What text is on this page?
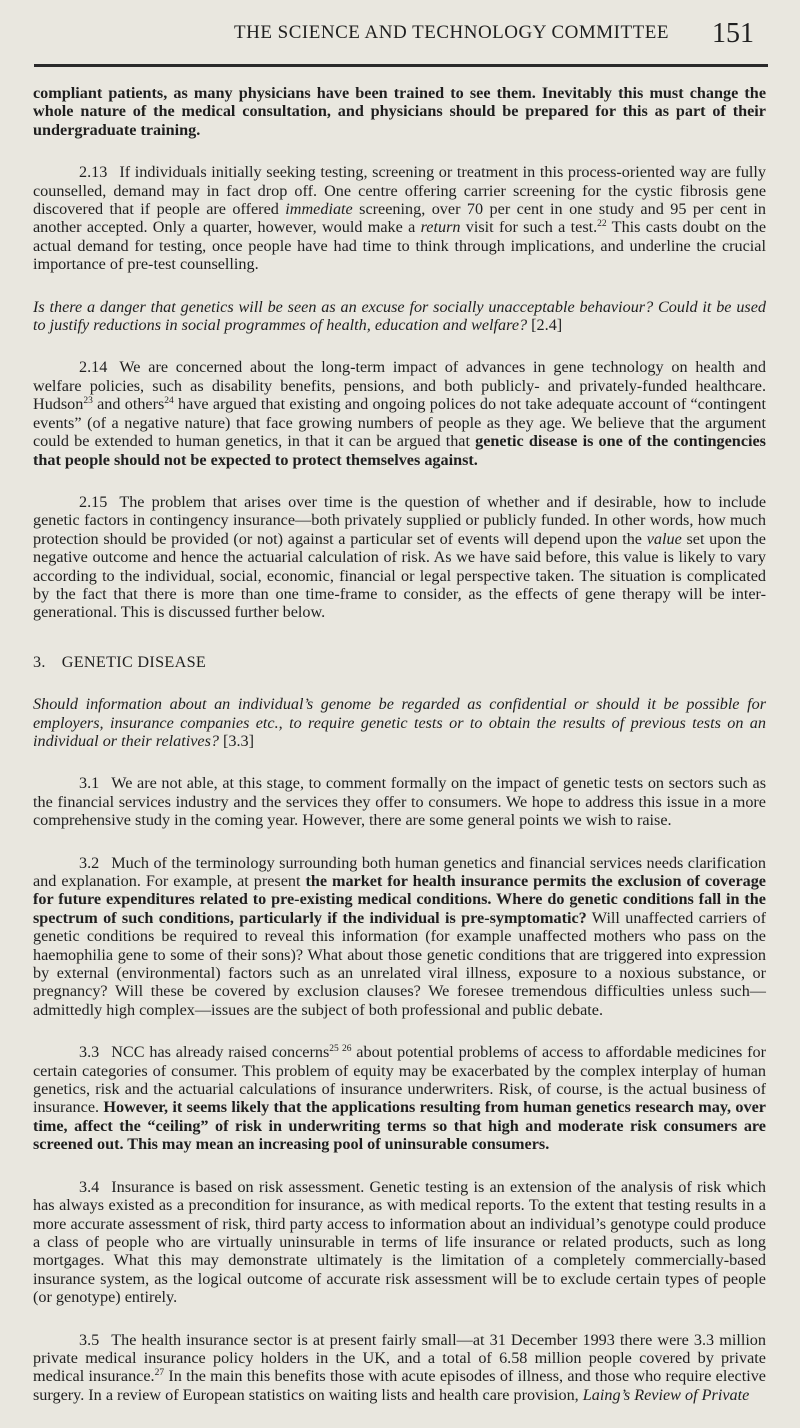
THE SCIENCE AND TECHNOLOGY COMMITTEE 151

compliant patients, as many physicians have been trained to see them. Inevitably this must change the whole nature of the medical consultation, and physicians should be prepared for this as part of their undergraduate training.

2.13 If individuals initially seeking testing, screening or treatment in this process-oriented way are fully counselled, demand may in fact drop off. One centre offering carrier screening for the cystic fibrosis gene discovered that if people are offered immediate screening, over 70 per cent in one study and 95 per cent in another accepted. Only a quarter, however, would make a return visit for such a test.$^{22}$ This casts doubt on the actual demand for testing, once people have had time to think through implications, and underline the crucial importance of pre-test counselling.

Is there a danger that genetics will be seen as an excuse for socially unacceptable behaviour? Could it be used to justify reductions in social programmes of health, education and welfare? [2.4]

2.14 We are concerned about the long-term impact of advances in gene technology on health and welfare policies, such as disability benefits, pensions, and both publicly- and privately-funded healthcare. Hudson$^{23}$ and others$^{24}$ have argued that existing and ongoing polices do not take adequate account of “contingent events” (of a negative nature) that face growing numbers of people as they age. We believe that the argument could be extended to human genetics, in that it can be argued that genetic disease is one of the contingencies that people should not be expected to protect themselves against.

2.15 The problem that arises over time is the question of whether and if desirable, how to include genetic factors in contingency insurance—both privately supplied or publicly funded. In other words, how much protection should be provided (or not) against a particular set of events will depend upon the value set upon the negative outcome and hence the actuarial calculation of risk. As we have said before, this value is likely to vary according to the individual, social, economic, financial or legal perspective taken. The situation is complicated by the fact that there is more than one time-frame to consider, as the effects of gene therapy will be inter-generational. This is discussed further below.

3. GENETIC DISEASE

Should information about an individual’s genome be regarded as confidential or should it be possible for employers, insurance companies etc., to require genetic tests or to obtain the results of previous tests on an individual or their relatives? [3.3]

3.1 We are not able, at this stage, to comment formally on the impact of genetic tests on sectors such as the financial services industry and the services they offer to consumers. We hope to address this issue in a more comprehensive study in the coming year. However, there are some general points we wish to raise.

3.2 Much of the terminology surrounding both human genetics and financial services needs clarification and explanation. For example, at present the market for health insurance permits the exclusion of coverage for future expenditures related to pre-existing medical conditions. Where do genetic conditions fall in the spectrum of such conditions, particularly if the individual is pre-symptomatic? Will unaffected carriers of genetic conditions be required to reveal this information (for example unaffected mothers who pass on the haemophilia gene to some of their sons)? What about those genetic conditions that are triggered into expression by external (environmental) factors such as an unrelated viral illness, exposure to a noxious substance, or pregnancy? Will these be covered by exclusion clauses? We foresee tremendous difficulties unless such—admittedly high complex—issues are the subject of both professional and public debate.

3.3 NCC has already raised concerns$^{25 26}$ about potential problems of access to affordable medicines for certain categories of consumer. This problem of equity may be exacerbated by the complex interplay of human genetics, risk and the actuarial calculations of insurance underwriters. Risk, of course, is the actual business of insurance. However, it seems likely that the applications resulting from human genetics research may, over time, affect the “ceiling” of risk in underwriting terms so that high and moderate risk consumers are screened out. This may mean an increasing pool of uninsurable consumers.

3.4 Insurance is based on risk assessment. Genetic testing is an extension of the analysis of risk which has always existed as a precondition for insurance, as with medical reports. To the extent that testing results in a more accurate assessment of risk, third party access to information about an individual’s genotype could produce a class of people who are virtually uninsurable in terms of life insurance or related products, such as long mortgages. What this may demonstrate ultimately is the limitation of a completely commercially-based insurance system, as the logical outcome of accurate risk assessment will be to exclude certain types of people (or genotype) entirely.

3.5 The health insurance sector is at present fairly small—at 31 December 1993 there were 3.3 million private medical insurance policy holders in the UK, and a total of 6.58 million people covered by private medical insurance.$^{27}$ In the main this benefits those with acute episodes of illness, and those who require elective surgery. In a review of European statistics on waiting lists and health care provision, Laing’s Review of Private
